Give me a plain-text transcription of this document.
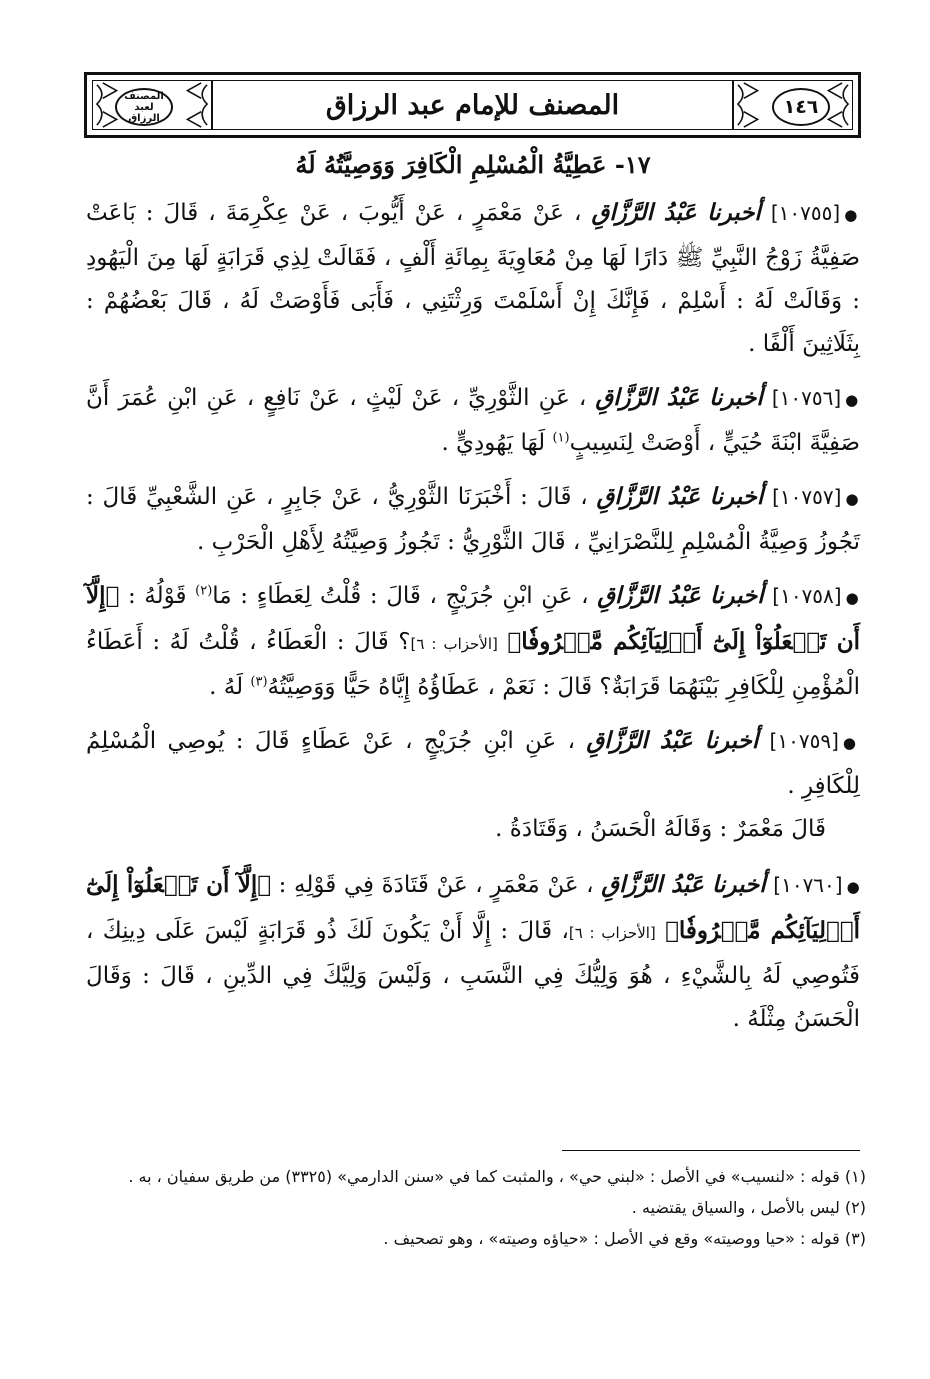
١٤٦
المصنف للإمام عبد الرزاق
المصنف لعبد الرزاق
١٧- عَطِيَّةُ الْمُسْلِمِ الْكَافِرَ وَوَصِيَّتُهُ لَهُ

●[١٠٧٥٥] أخبرنا عَبْدُ الرَّزَّاقِ ، عَنْ مَعْمَرٍ ، عَنْ أَيُّوبَ ، عَنْ عِكْرِمَةَ ، قَالَ : بَاعَتْ صَفِيَّةُ زَوْجُ النَّبِيِّ ﷺ دَارًا لَهَا مِنْ مُعَاوِيَةَ بِمِائَةِ أَلْفٍ ، فَقَالَتْ لِذِي قَرَابَةٍ لَهَا مِنَ الْيَهُودِ : وَقَالَتْ لَهُ : أَسْلِمْ ، فَإِنَّكَ إِنْ أَسْلَمْتَ وَرِثْتَنِي ، فَأَبَى فَأَوْصَتْ لَهُ ، قَالَ بَعْضُهُمْ : بِثَلَاثِينَ أَلْفًا .

●[١٠٧٥٦] أخبرنا عَبْدُ الرَّزَّاقِ ، عَنِ الثَّوْرِيِّ ، عَنْ لَيْثٍ ، عَنْ نَافِعٍ ، عَنِ ابْنِ عُمَرَ أَنَّ صَفِيَّةَ ابْنَةَ حُيَيٍّ ، أَوْصَتْ لِنَسِيبٍ$^{(١)}$ لَهَا يَهُودِيٍّ .

●[١٠٧٥٧] أخبرنا عَبْدُ الرَّزَّاقِ ، قَالَ : أَخْبَرَنَا الثَّوْرِيُّ ، عَنْ جَابِرٍ ، عَنِ الشَّعْبِيِّ قَالَ : تَجُوزُ وَصِيَّةُ الْمُسْلِمِ لِلنَّصْرَانِيِّ ، قَالَ الثَّوْرِيُّ : تَجُوزُ وَصِيَّتُهُ لِأَهْلِ الْحَرْبِ .

●[١٠٧٥٨] أخبرنا عَبْدُ الرَّزَّاقِ ، عَنِ ابْنِ جُرَيْجٍ ، قَالَ : قُلْتُ لِعَطَاءٍ : مَا$^{(٢)}$ قَوْلُهُ : ﴿إِلَّآ أَن تَفۡعَلُوٓاْ إِلَىٰٓ أَوۡلِيَآئِكُم مَّعۡرُوفٗا﴾ [الأحزاب : ٦]؟ قَالَ : الْعَطَاءُ ، قُلْتُ لَهُ : أَعَطَاءُ الْمُؤْمِنِ لِلْكَافِرِ بَيْنَهُمَا قَرَابَةٌ؟ قَالَ : نَعَمْ ، عَطَاؤُهُ إِيَّاهُ حَيًّا وَوَصِيَّتُهُ$^{(٣)}$ لَهُ .

●[١٠٧٥٩] أخبرنا عَبْدُ الرَّزَّاقِ ، عَنِ ابْنِ جُرَيْجٍ ، عَنْ عَطَاءٍ قَالَ : يُوصِي الْمُسْلِمُ لِلْكَافِرِ .

قَالَ مَعْمَرٌ : وَقَالَهُ الْحَسَنُ ، وَقَتَادَةُ .

●[١٠٧٦٠] أخبرنا عَبْدُ الرَّزَّاقِ ، عَنْ مَعْمَرٍ ، عَنْ قَتَادَةَ فِي قَوْلِهِ : ﴿إِلَّآ أَن تَفۡعَلُوٓاْ إِلَىٰٓ أَوۡلِيَآئِكُم مَّعۡرُوفٗا﴾ [الأحزاب : ٦]، قَالَ : إِلَّا أَنْ يَكُونَ لَكَ ذُو قَرَابَةٍ لَيْسَ عَلَى دِينِكَ ، فَتُوصِي لَهُ بِالشَّيْءِ ، هُوَ وَلِيُّكَ فِي النَّسَبِ ، وَلَيْسَ وَلِيَّكَ فِي الدِّينِ ، قَالَ : وَقَالَ الْحَسَنُ مِثْلَهُ .

(١) قوله : «لنسيب» في الأصل : «لبني حي» ، والمثبت كما في «سنن الدارمي» (٣٣٢٥) من طريق سفيان ، به .

(٢) ليس بالأصل ، والسياق يقتضيه .

(٣) قوله : «حيا ووصيته» وقع في الأصل : «حياؤه وصيته» ، وهو تصحيف .
